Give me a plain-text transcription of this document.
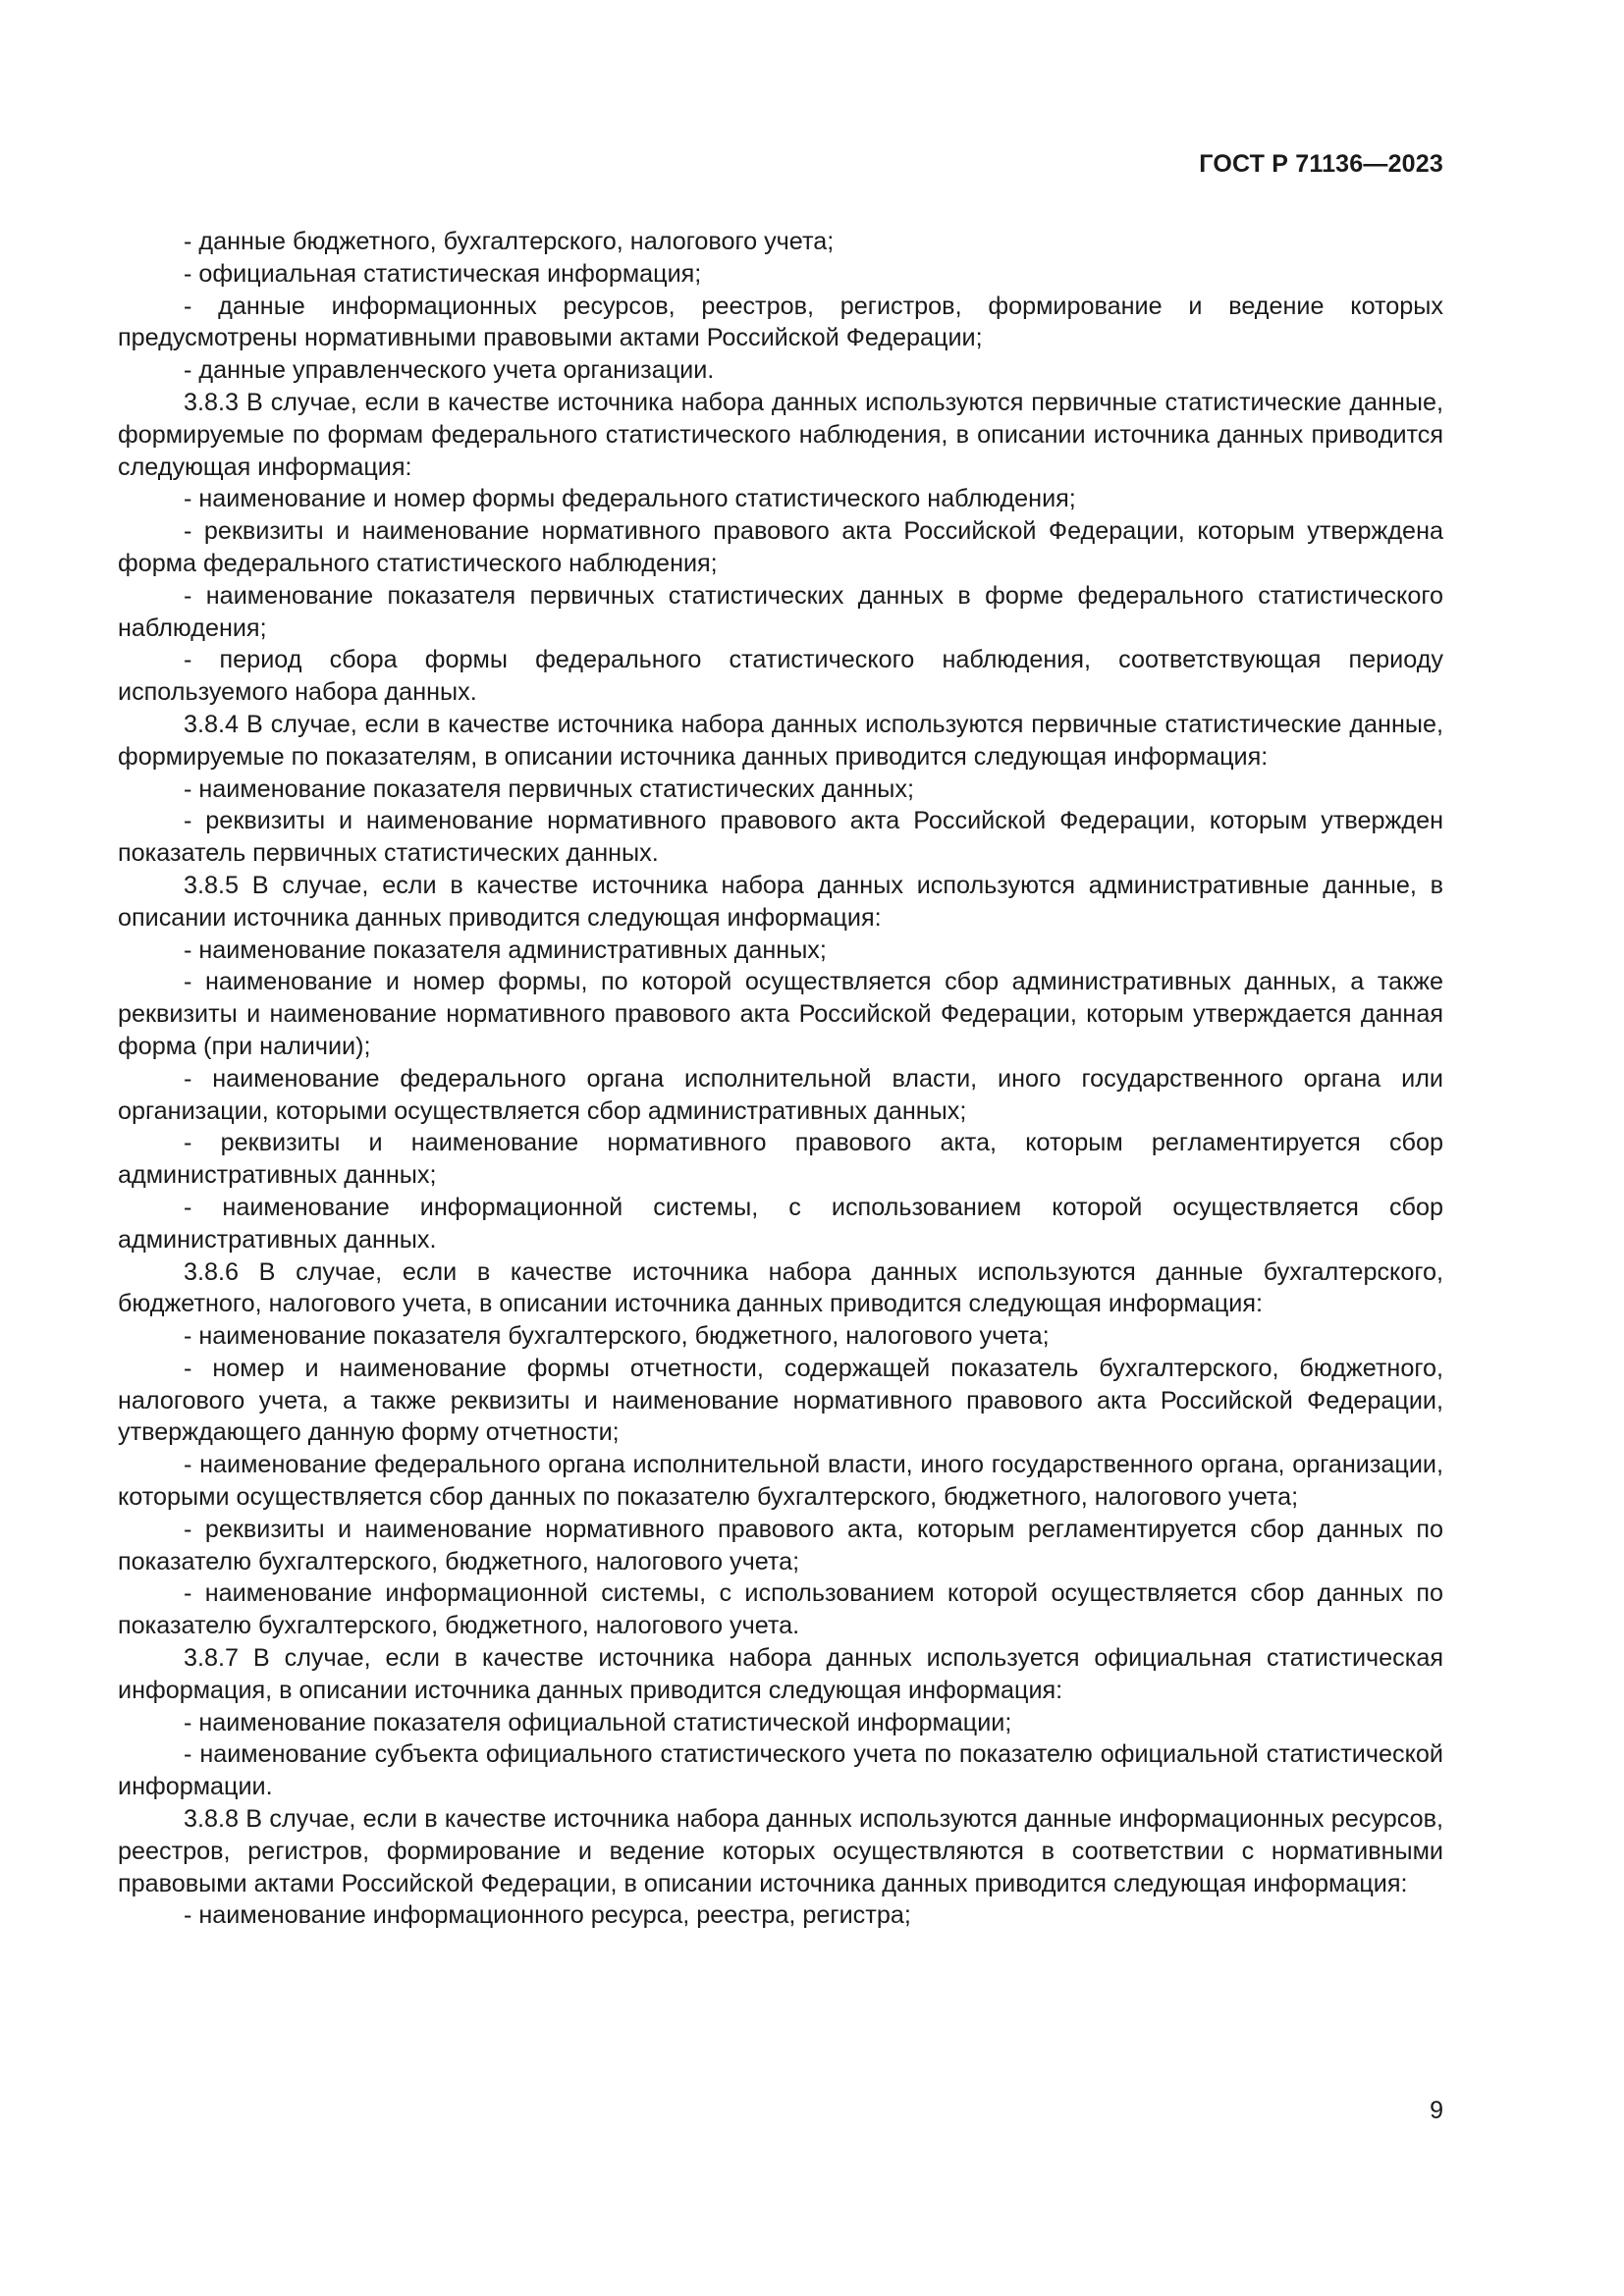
ГОСТ Р 71136—2023

- данные бюджетного, бухгалтерского, налогового учета;

- официальная статистическая информация;

- данные информационных ресурсов, реестров, регистров, формирование и ведение которых предусмотрены нормативными правовыми актами Российской Федерации;

- данные управленческого учета организации.

3.8.3 В случае, если в качестве источника набора данных используются первичные статистические данные, формируемые по формам федерального статистического наблюдения, в описании источника данных приводится следующая информация:

- наименование и номер формы федерального статистического наблюдения;

- реквизиты и наименование нормативного правового акта Российской Федерации, которым утверждена форма федерального статистического наблюдения;

- наименование показателя первичных статистических данных в форме федерального статистического наблюдения;

- период сбора формы федерального статистического наблюдения, соответствующая периоду используемого набора данных.

3.8.4 В случае, если в качестве источника набора данных используются первичные статистические данные, формируемые по показателям, в описании источника данных приводится следующая информация:

- наименование показателя первичных статистических данных;

- реквизиты и наименование нормативного правового акта Российской Федерации, которым утвержден показатель первичных статистических данных.

3.8.5 В случае, если в качестве источника набора данных используются административные данные, в описании источника данных приводится следующая информация:

- наименование показателя административных данных;

- наименование и номер формы, по которой осуществляется сбор административных данных, а также реквизиты и наименование нормативного правового акта Российской Федерации, которым утверждается данная форма (при наличии);

- наименование федерального органа исполнительной власти, иного государственного органа или организации, которыми осуществляется сбор административных данных;

- реквизиты и наименование нормативного правового акта, которым регламентируется сбор административных данных;

- наименование информационной системы, с использованием которой осуществляется сбор административных данных.

3.8.6 В случае, если в качестве источника набора данных используются данные бухгалтерского, бюджетного, налогового учета, в описании источника данных приводится следующая информация:

- наименование показателя бухгалтерского, бюджетного, налогового учета;

- номер и наименование формы отчетности, содержащей показатель бухгалтерского, бюджетного, налогового учета, а также реквизиты и наименование нормативного правового акта Российской Федерации, утверждающего данную форму отчетности;

- наименование федерального органа исполнительной власти, иного государственного органа, организации, которыми осуществляется сбор данных по показателю бухгалтерского, бюджетного, налогового учета;

- реквизиты и наименование нормативного правового акта, которым регламентируется сбор данных по показателю бухгалтерского, бюджетного, налогового учета;

- наименование информационной системы, с использованием которой осуществляется сбор данных по показателю бухгалтерского, бюджетного, налогового учета.

3.8.7 В случае, если в качестве источника набора данных используется официальная статистическая информация, в описании источника данных приводится следующая информация:

- наименование показателя официальной статистической информации;

- наименование субъекта официального статистического учета по показателю официальной статистической информации.

3.8.8 В случае, если в качестве источника набора данных используются данные информационных ресурсов, реестров, регистров, формирование и ведение которых осуществляются в соответствии с нормативными правовыми актами Российской Федерации, в описании источника данных приводится следующая информация:

- наименование информационного ресурса, реестра, регистра;

9
